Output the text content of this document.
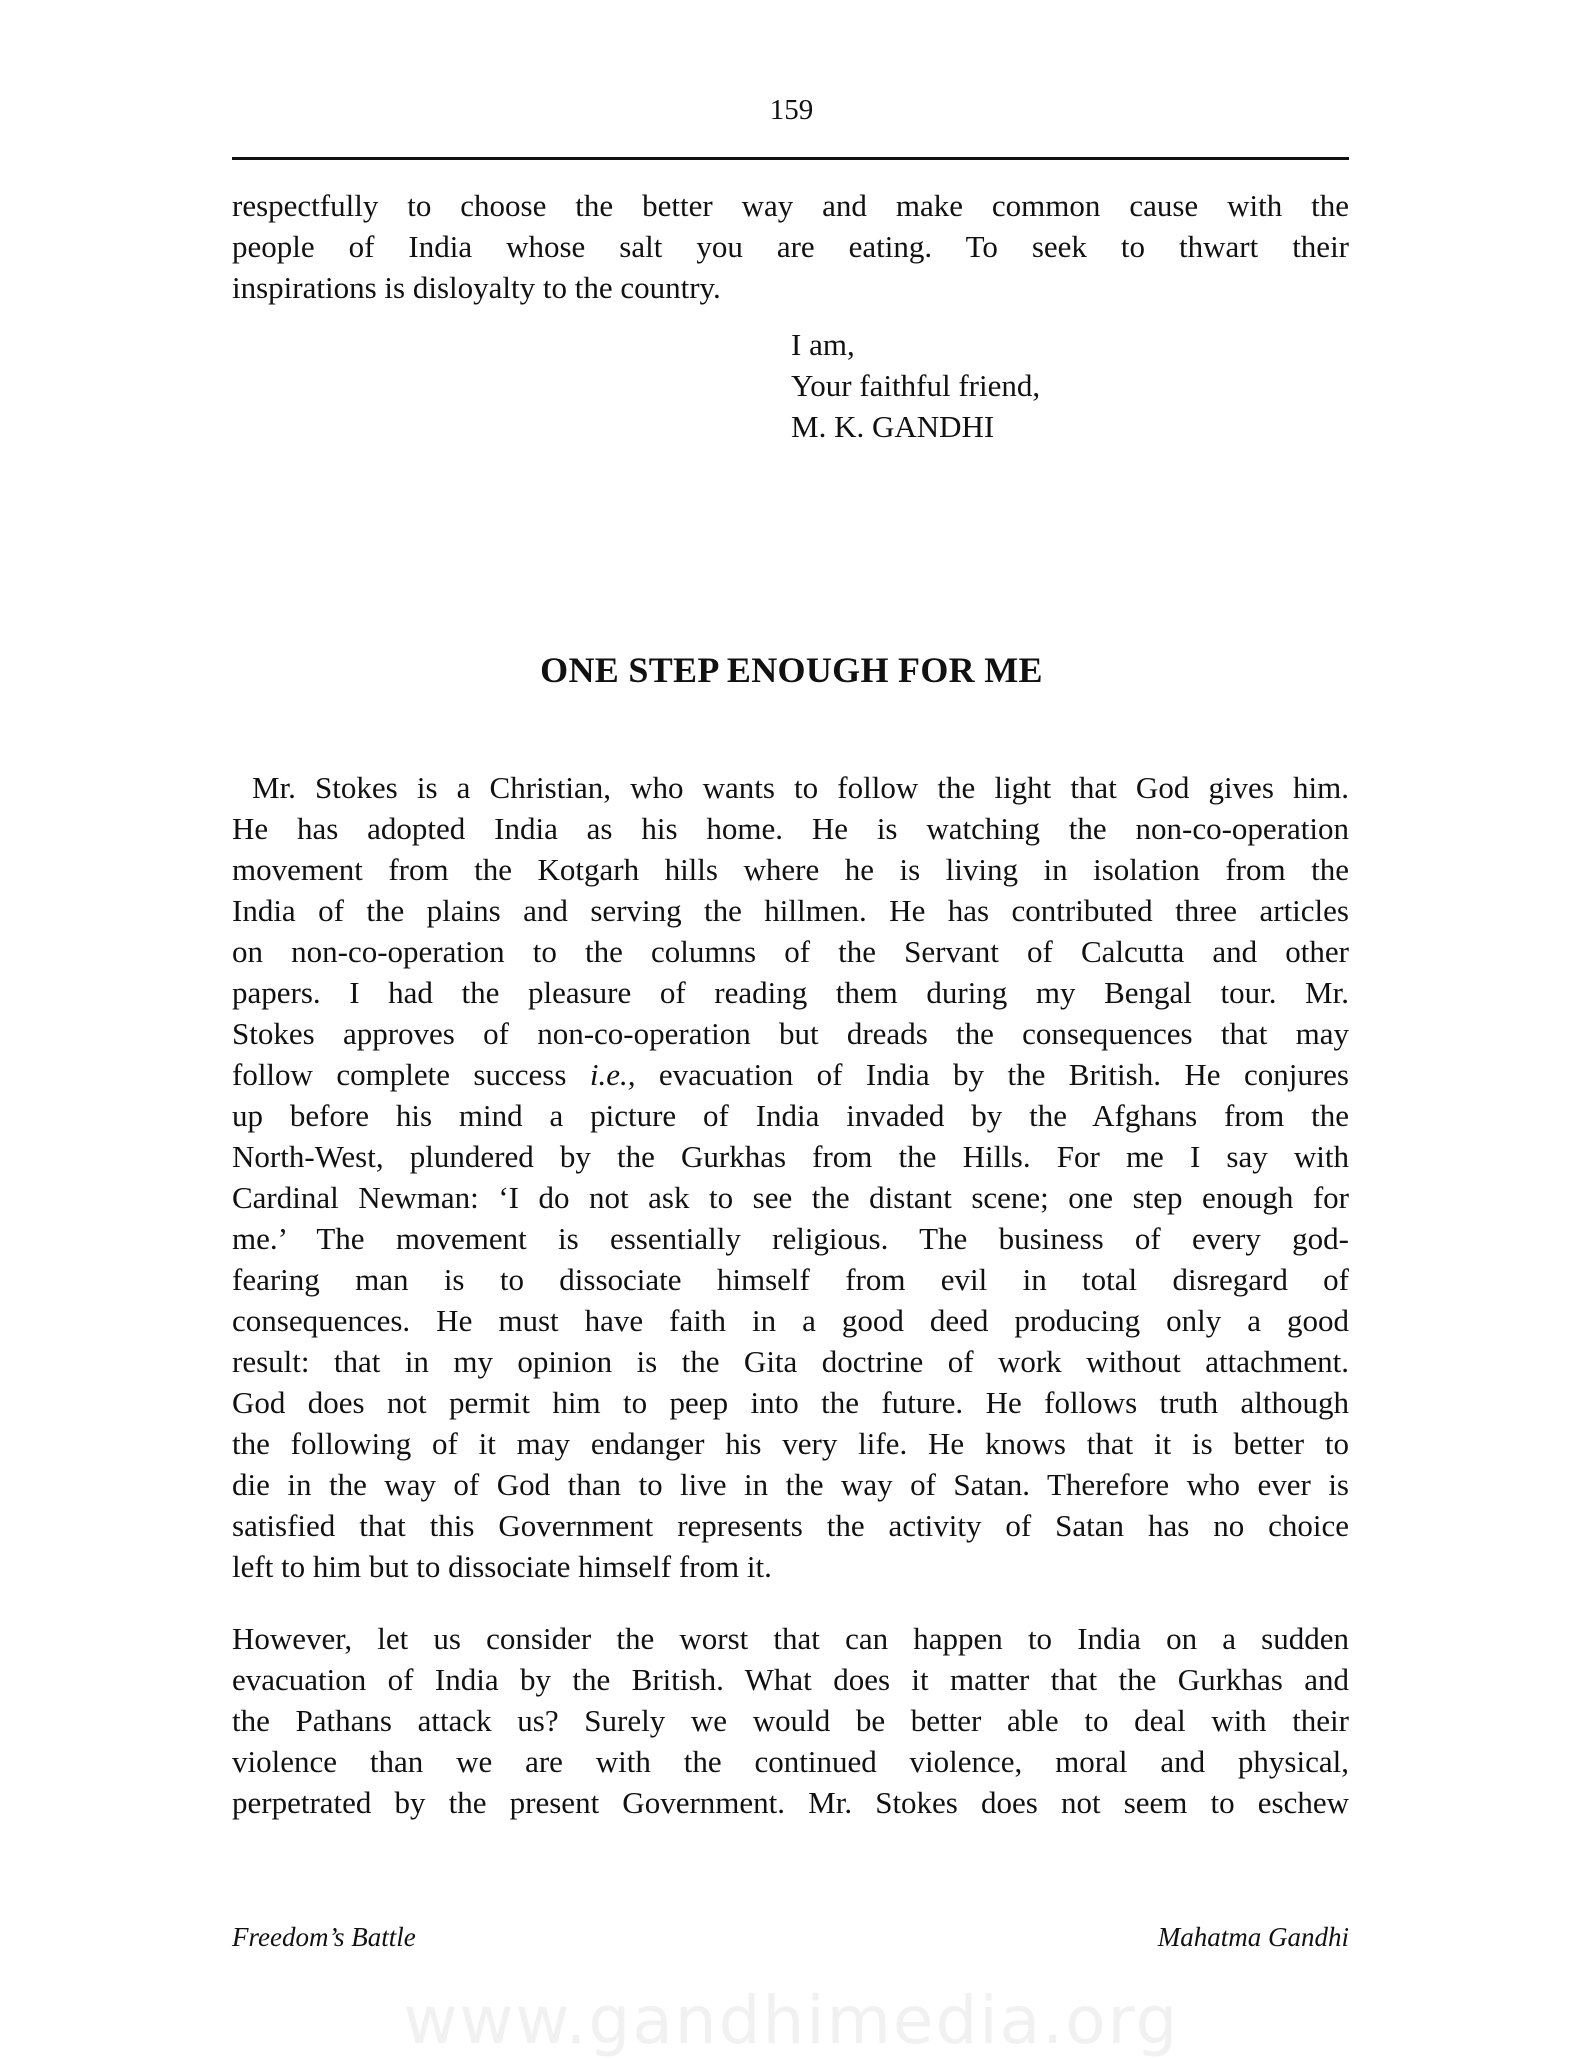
159
respectfully to choose the better way and make common cause with the
people of India whose salt you are eating. To seek to thwart their
inspirations is disloyalty to the country.
I am,
Your faithful friend,
M. K. GANDHI
ONE STEP ENOUGH FOR ME
Mr. Stokes is a Christian, who wants to follow the light that God gives him.
He has adopted India as his home. He is watching the non-co-operation
movement from the Kotgarh hills where he is living in isolation from the
India of the plains and serving the hillmen. He has contributed three articles
on non-co-operation to the columns of the Servant of Calcutta and other
papers. I had the pleasure of reading them during my Bengal tour. Mr.
Stokes approves of non-co-operation but dreads the consequences that may
follow complete success i.e., evacuation of India by the British. He conjures
up before his mind a picture of India invaded by the Afghans from the
North-West, plundered by the Gurkhas from the Hills. For me I say with
Cardinal Newman: ‘I do not ask to see the distant scene; one step enough for
me.’ The movement is essentially religious. The business of every god-
fearing man is to dissociate himself from evil in total disregard of
consequences. He must have faith in a good deed producing only a good
result: that in my opinion is the Gita doctrine of work without attachment.
God does not permit him to peep into the future. He follows truth although
the following of it may endanger his very life. He knows that it is better to
die in the way of God than to live in the way of Satan. Therefore who ever is
satisfied that this Government represents the activity of Satan has no choice
left to him but to dissociate himself from it.
However, let us consider the worst that can happen to India on a sudden
evacuation of India by the British. What does it matter that the Gurkhas and
the Pathans attack us? Surely we would be better able to deal with their
violence than we are with the continued violence, moral and physical,
perpetrated by the present Government. Mr. Stokes does not seem to eschew
Freedom’s Battle	Mahatma Gandhi
www.gandhimedia.org
